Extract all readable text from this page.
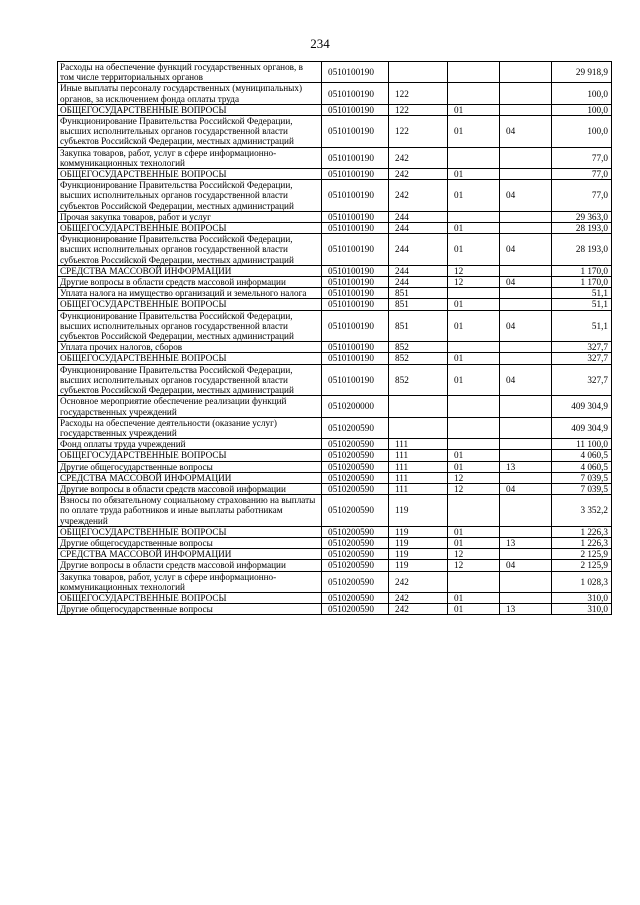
234
Расходы на обеспечение функций государственных органов, в том числе территориальных органов	0510100190				29 918,9
Иные выплаты персоналу государственных (муниципальных) органов, за исключением фонда оплаты труда	0510100190	122			100,0
ОБЩЕГОСУДАРСТВЕННЫЕ ВОПРОСЫ	0510100190	122	01		100,0
Функционирование Правительства Российской Федерации, высших исполнительных органов государственной власти субъектов Российской Федерации, местных администраций	0510100190	122	01	04	100,0
Закупка товаров, работ, услуг в сфере информационно-коммуникационных технологий	0510100190	242			77,0
ОБЩЕГОСУДАРСТВЕННЫЕ ВОПРОСЫ	0510100190	242	01		77,0
Функционирование Правительства Российской Федерации, высших исполнительных органов государственной власти субъектов Российской Федерации, местных администраций	0510100190	242	01	04	77,0
Прочая закупка товаров, работ и услуг	0510100190	244			29 363,0
ОБЩЕГОСУДАРСТВЕННЫЕ ВОПРОСЫ	0510100190	244	01		28 193,0
Функционирование Правительства Российской Федерации, высших исполнительных органов государственной власти субъектов Российской Федерации, местных администраций	0510100190	244	01	04	28 193,0
СРЕДСТВА МАССОВОЙ ИНФОРМАЦИИ	0510100190	244	12		1 170,0
Другие вопросы в области средств массовой информации	0510100190	244	12	04	1 170,0
Уплата налога на имущество организаций и земельного налога	0510100190	851			51,1
ОБЩЕГОСУДАРСТВЕННЫЕ ВОПРОСЫ	0510100190	851	01		51,1
Функционирование Правительства Российской Федерации, высших исполнительных органов государственной власти субъектов Российской Федерации, местных администраций	0510100190	851	01	04	51,1
Уплата прочих налогов, сборов	0510100190	852			327,7
ОБЩЕГОСУДАРСТВЕННЫЕ ВОПРОСЫ	0510100190	852	01		327,7
Функционирование Правительства Российской Федерации, высших исполнительных органов государственной власти субъектов Российской Федерации, местных администраций	0510100190	852	01	04	327,7
Основное мероприятие обеспечение реализации функций государственных учреждений	0510200000				409 304,9
Расходы на обеспечение деятельности (оказание услуг) государственных учреждений	0510200590				409 304,9
Фонд оплаты труда учреждений	0510200590	111			11 100,0
ОБЩЕГОСУДАРСТВЕННЫЕ ВОПРОСЫ	0510200590	111	01		4 060,5
Другие общегосударственные вопросы	0510200590	111	01	13	4 060,5
СРЕДСТВА МАССОВОЙ ИНФОРМАЦИИ	0510200590	111	12		7 039,5
Другие вопросы в области средств массовой информации	0510200590	111	12	04	7 039,5
Взносы по обязательному социальному страхованию на выплаты по оплате труда работников и иные выплаты работникам учреждений	0510200590	119			3 352,2
ОБЩЕГОСУДАРСТВЕННЫЕ ВОПРОСЫ	0510200590	119	01		1 226,3
Другие общегосударственные вопросы	0510200590	119	01	13	1 226,3
СРЕДСТВА МАССОВОЙ ИНФОРМАЦИИ	0510200590	119	12		2 125,9
Другие вопросы в области средств массовой информации	0510200590	119	12	04	2 125,9
Закупка товаров, работ, услуг в сфере информационно-коммуникационных технологий	0510200590	242			1 028,3
ОБЩЕГОСУДАРСТВЕННЫЕ ВОПРОСЫ	0510200590	242	01		310,0
Другие общегосударственные вопросы	0510200590	242	01	13	310,0
